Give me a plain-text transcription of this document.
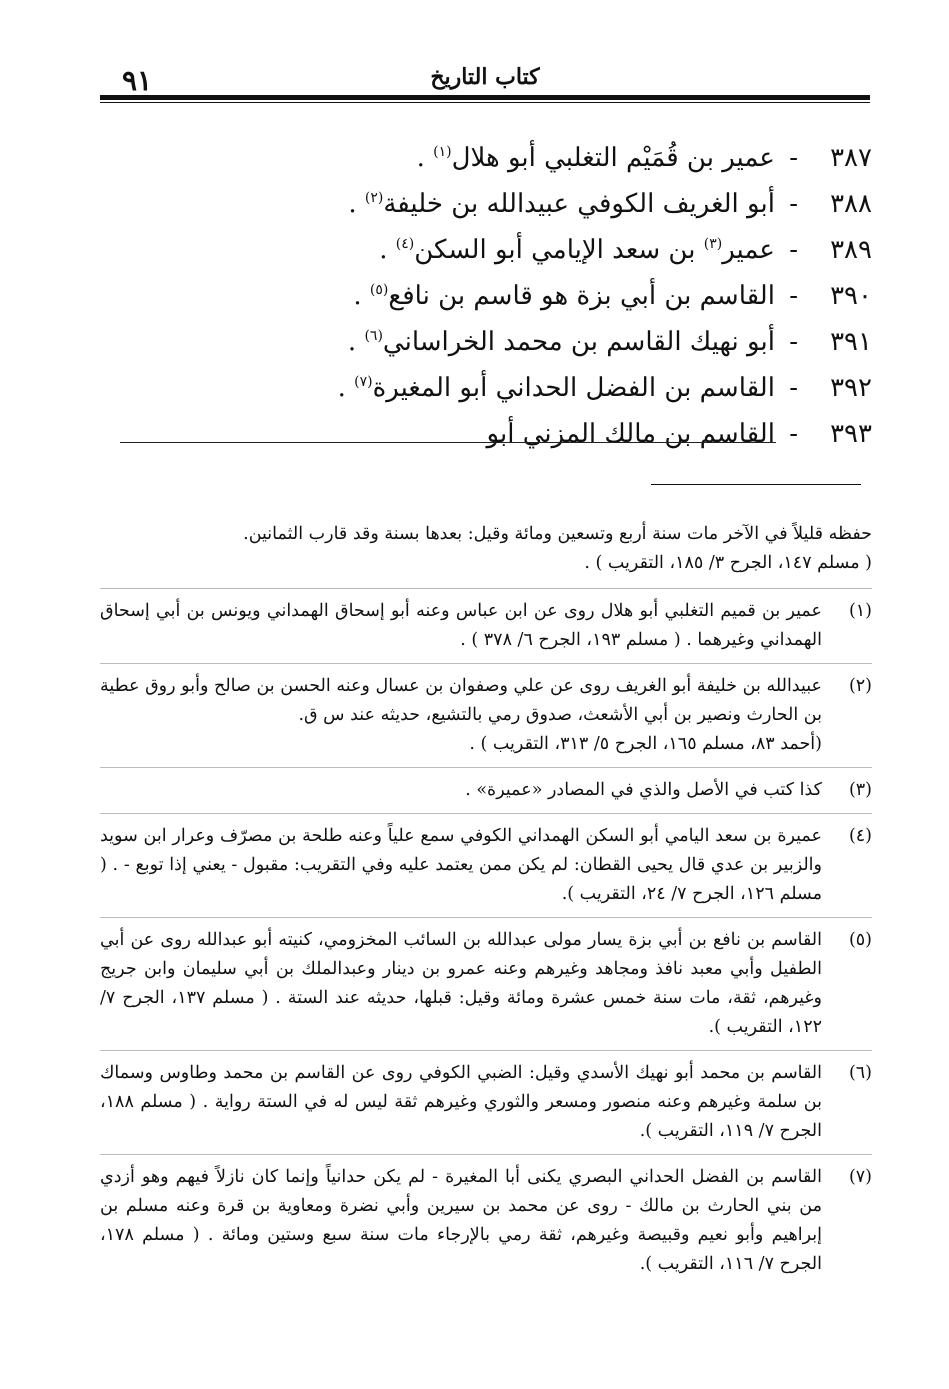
كتاب التاريخ
٩١
٣٨٧- عمير بن قُمَيْم التغلبي أبو هلال$^{(١)}$ .
٣٨٨- أبو الغريف الكوفي عبيدالله بن خليفة$^{(٢)}$ .
٣٨٩- عمير$^{(٣)}$ بن سعد الإيامي أبو السكن$^{(٤)}$ .
٣٩٠- القاسم بن أبي بزة هو قاسم بن نافع$^{(٥)}$ .
٣٩١- أبو نهيك القاسم بن محمد الخراساني$^{(٦)}$ .
٣٩٢- القاسم بن الفضل الحداني أبو المغيرة$^{(٧)}$ .
٣٩٣- القاسم بن مالك المزني أبو
حفظه قليلاً في الآخر مات سنة أربع وتسعين ومائة وقيل: بعدها بسنة وقد قارب الثمانين.
( مسلم ١٤٧، الجرح ٣/ ١٨٥، التقريب ) .
(١)
عمير بن قميم التغلبي أبو هلال روى عن ابن عباس وعنه أبو إسحاق الهمداني ويونس بن أبي إسحاق الهمداني وغيرهما . ( مسلم ١٩٣، الجرح ٦/ ٣٧٨ ) .
(٢)
عبيدالله بن خليفة أبو الغريف روى عن علي وصفوان بن عسال وعنه الحسن بن صالح وأبو روق عطية بن الحارث ونصير بن أبي الأشعث، صدوق رمي بالتشيع، حديثه عند س ق.
(أحمد ٨٣، مسلم ١٦٥، الجرح ٥/ ٣١٣، التقريب ) .
(٣)
كذا كتب في الأصل والذي في المصادر «عميرة» .
(٤)
عميرة بن سعد اليامي أبو السكن الهمداني الكوفي سمع علياً وعنه طلحة بن مصرّف وعرار ابن سويد والزبير بن عدي قال يحيى القطان: لم يكن ممن يعتمد عليه وفي التقريب: مقبول - يعني إذا توبع - . ( مسلم ١٢٦، الجرح ٧/ ٢٤، التقريب ).
(٥)
القاسم بن نافع بن أبي بزة يسار مولى عبدالله بن السائب المخزومي، كنيته أبو عبدالله روى عن أبي الطفيل وأبي معبد نافذ ومجاهد وغيرهم وعنه عمرو بن دينار وعبدالملك بن أبي سليمان وابن جريج وغيرهم، ثقة، مات سنة خمس عشرة ومائة وقيل: قبلها، حديثه عند الستة . ( مسلم ١٣٧، الجرح ٧/ ١٢٢، التقريب ).
(٦)
القاسم بن محمد أبو نهيك الأسدي وقيل: الضبي الكوفي روى عن القاسم بن محمد وطاوس وسماك بن سلمة وغيرهم وعنه منصور ومسعر والثوري وغيرهم ثقة ليس له في الستة رواية . ( مسلم ١٨٨، الجرح ٧/ ١١٩، التقريب ).
(٧)
القاسم بن الفضل الحداني البصري يكنى أبا المغيرة - لم يكن حدانياً وإنما كان نازلاً فيهم وهو أزدي من بني الحارث بن مالك - روى عن محمد بن سيرين وأبي نضرة ومعاوية بن قرة وعنه مسلم بن إبراهيم وأبو نعيم وقبيصة وغيرهم، ثقة رمي بالإرجاء مات سنة سبع وستين ومائة . ( مسلم ١٧٨، الجرح ٧/ ١١٦، التقريب ).
